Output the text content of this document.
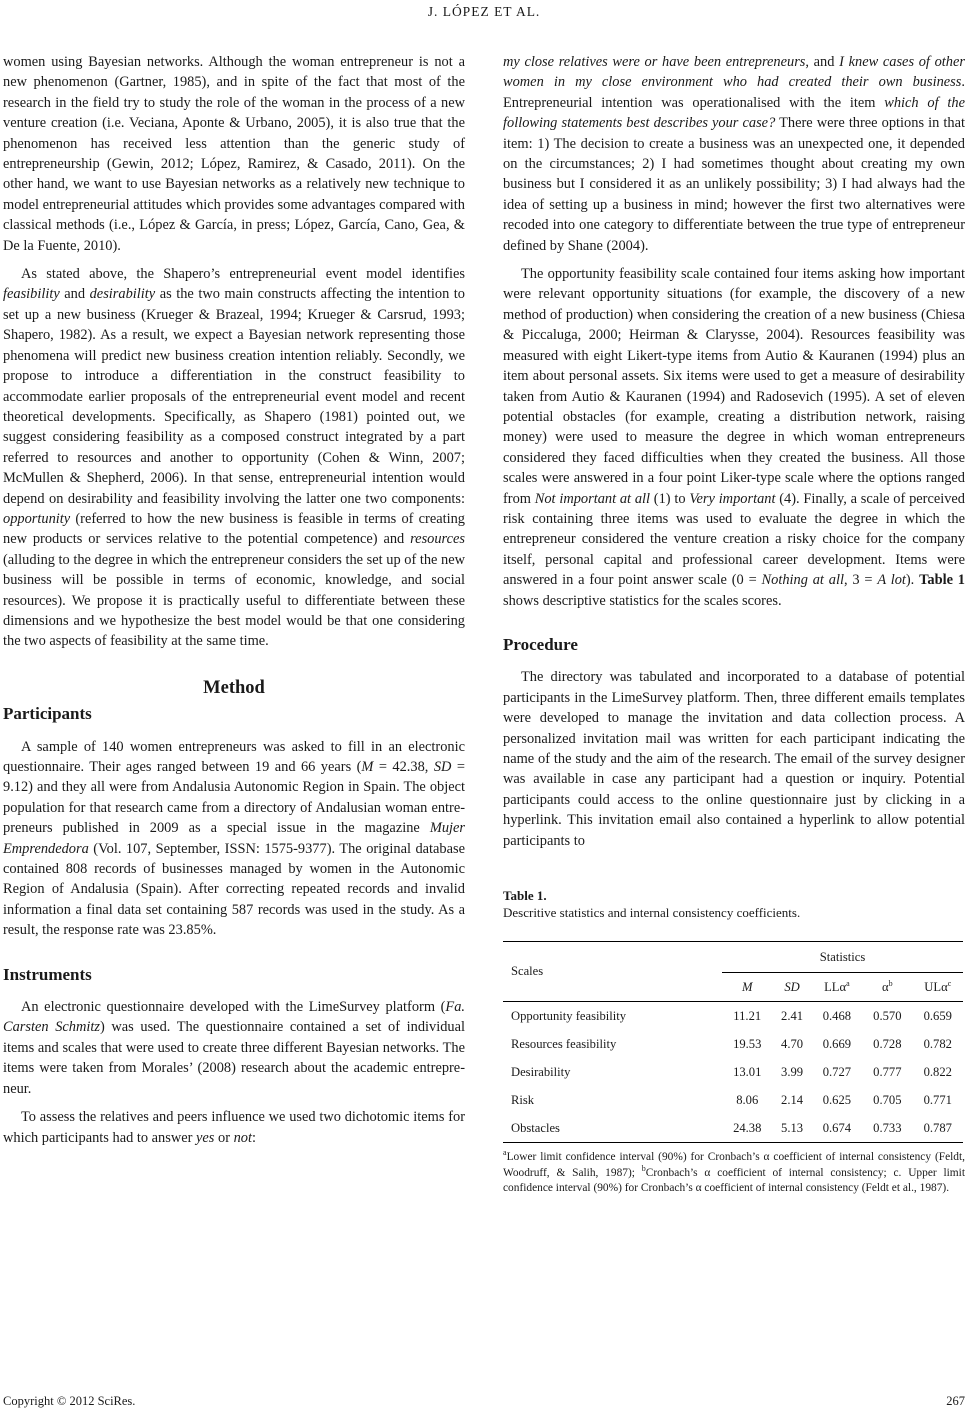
J. LÓPEZ ET AL.

women using Bayesian networks. Although the woman entrepreneur is not a new phenomenon (Gartner, 1985), and in spite of the fact that most of the research in the field try to study the role of the woman in the process of a new venture creation (i.e. Veciana, Aponte & Urbano, 2005), it is also true that the phenomenon has received less attention than the generic study of entrepreneurship (Gewin, 2012; López, Ramirez, & Casado, 2011). On the other hand, we want to use Bayesian networks as a relatively new technique to model entrepreneurial attitudes which provides some advantages compared with classical methods (i.e., López & García, in press; López, García, Cano, Gea, & De la Fuente, 2010).

As stated above, the Shapero’s entrepreneurial event model identifies feasibility and desirability as the two main constructs affecting the intention to set up a new business (Krueger & Brazeal, 1994; Krueger & Carsrud, 1993; Shapero, 1982). As a result, we expect a Bayesian network representing those phenomena will predict new business creation intention reliably. Secondly, we propose to introduce a differentiation in the construct feasibility to accommodate earlier proposals of the entrepreneurial event model and recent theoretical developments. Specifically, as Shapero (1981) pointed out, we suggest considering feasibility as a composed construct integrated by a part referred to resources and another to opportunity (Cohen & Winn, 2007; McMullen & Shepherd, 2006). In that sense, entrepreneurial intention would depend on desirability and feasibility involving the latter one two components: opportunity (referred to how the new business is feasible in terms of creating new products or services relative to the potential competence) and resources (alluding to the degree in which the entrepreneur considers the set up of the new business will be possible in terms of economic, knowledge, and social resources). We propose it is practically useful to differentiate between these dimensions and we hypothesize the best model would be that one considering the two aspects of feasibility at the same time.

Method
Participants

A sample of 140 women entrepreneurs was asked to fill in an electronic questionnaire. Their ages ranged between 19 and 66 years (M = 42.38, SD = 9.12) and they all were from Andalusia Autonomic Region in Spain. The object population for that research came from a directory of Andalusian woman entrepreneurs published in 2009 as a special issue in the magazine Mujer Emprendedora (Vol. 107, September, ISSN: 1575-9377). The original database contained 808 records of businesses managed by women in the Autonomic Region of Andalusia (Spain). After correcting repeated records and invalid information a final data set containing 587 records was used in the study. As a result, the response rate was 23.85%.

Instruments

An electronic questionnaire developed with the LimeSurvey platform (Fa. Carsten Schmitz) was used. The questionnaire contained a set of individual items and scales that were used to create three different Bayesian networks. The items were taken from Morales’ (2008) research about the academic entrepreneur.

To assess the relatives and peers influence we used two dichotomic items for which participants had to answer yes or not:

my close relatives were or have been entrepreneurs, and I knew cases of other women in my close environment who had created their own business. Entrepreneurial intention was operationalised with the item which of the following statements best describes your case? There were three options in that item: 1) The decision to create a business was an unexpected one, it depended on the circumstances; 2) I had sometimes thought about creating my own business but I considered it as an unlikely possibility; 3) I had always had the idea of setting up a business in mind; however the first two alternatives were recoded into one category to differentiate between the true type of entrepreneur defined by Shane (2004).

The opportunity feasibility scale contained four items asking how important were relevant opportunity situations (for example, the discovery of a new method of production) when considering the creation of a new business (Chiesa & Piccaluga, 2000; Heirman & Clarysse, 2004). Resources feasibility was measured with eight Likert-type items from Autio & Kauranen (1994) plus an item about personal assets. Six items were used to get a measure of desirability taken from Autio & Kauranen (1994) and Radosevich (1995). A set of eleven potential obstacles (for example, creating a distribution network, raising money) were used to measure the degree in which woman entrepreneurs considered they faced difficulties when they created the business. All those scales were answered in a four point Liker-type scale where the options ranged from Not important at all (1) to Very important (4). Finally, a scale of perceived risk containing three items was used to evaluate the degree in which the entrepreneur considered the venture creation a risky choice for the company itself, personal capital and professional career development. Items were answered in a four point answer scale (0 = Nothing at all, 3 = A lot). Table 1 shows descriptive statistics for the scales scores.

Procedure

The directory was tabulated and incorporated to a database of potential participants in the LimeSurvey platform. Then, three different emails templates were developed to manage the invitation and data collection process. A personalized invitation mail was written for each participant indicating the name of the study and the aim of the research. The email of the survey designer was available in case any participant had a question or inquiry. Potential participants could access to the online questionnaire just by clicking in a hyperlink. This invitation email also contained a hyperlink to allow potential participants to

Table 1.
Descritive statistics and internal consistency coefficients.
Scales	Statistics				
	M	SD	LLα$^a$	$\alpha^b$	ULα$^c$
Opportunity feasibility	11.21	2.41	0.468	0.570	0.659
Resources feasibility	19.53	4.70	0.669	0.728	0.782
Desirability	13.01	3.99	0.727	0.777	0.822
Risk	8.06	2.14	0.625	0.705	0.771
Obstacles	24.38	5.13	0.674	0.733	0.787
$^a$Lower limit confidence interval (90%) for Cronbach’s α coefficient of internal consistency (Feldt, Woodruff, & Salih, 1987); $^b$Cronbach’s α coefficient of internal consistency; c. Upper limit confidence interval (90%) for Cronbach’s α coefficient of internal consistency (Feldt et al., 1987).
Copyright © 2012 SciRes.	267
